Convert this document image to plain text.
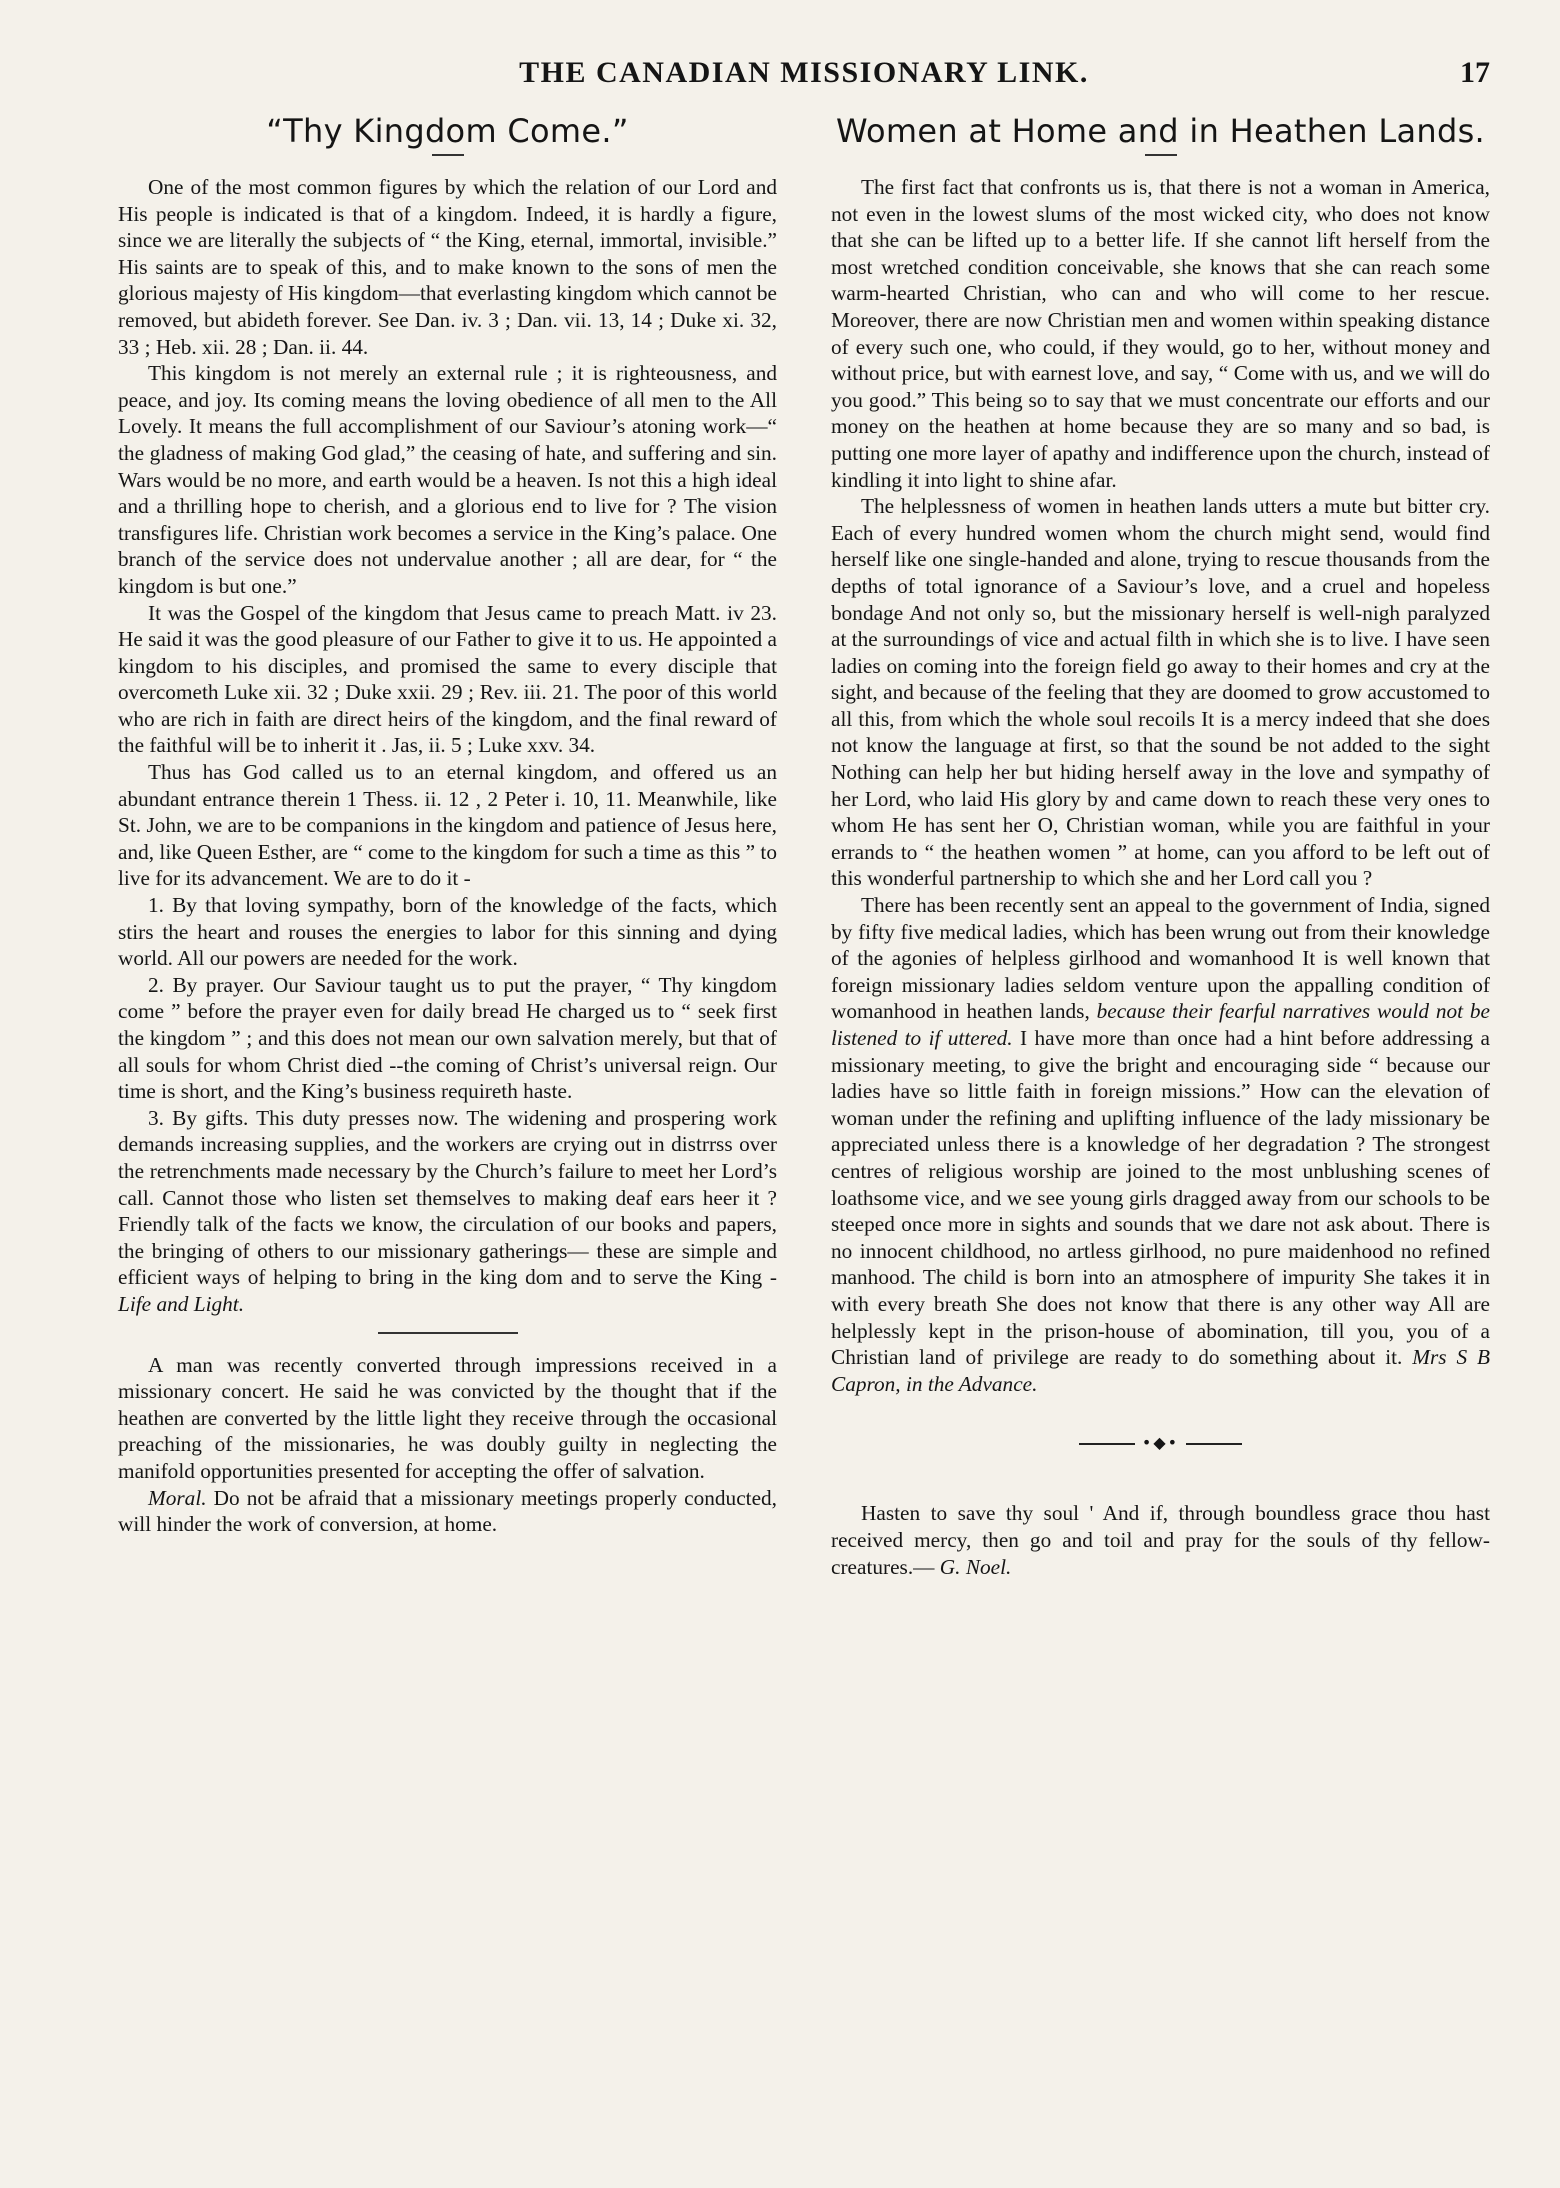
THE CANADIAN MISSIONARY LINK.	17
“Thy Kingdom Come.”

One of the most common figures by which the relation of our Lord and His people is indicated is that of a kingdom. Indeed, it is hardly a figure, since we are literally the subjects of “ the King, eternal, immortal, invisible.” His saints are to speak of this, and to make known to the sons of men the glorious majesty of His kingdom—that everlasting kingdom which cannot be removed, but abideth forever. See Dan. iv. 3 ; Dan. vii. 13, 14 ; Duke xi. 32, 33 ; Heb. xii. 28 ; Dan. ii. 44.

This kingdom is not merely an external rule ; it is righteousness, and peace, and joy. Its coming means the loving obedience of all men to the All Lovely. It means the full accomplishment of our Saviour’s atoning work—“ the gladness of making God glad,” the ceasing of hate, and suffering and sin. Wars would be no more, and earth would be a heaven. Is not this a high ideal and a thrilling hope to cherish, and a glorious end to live for ? The vision transfigures life. Christian work becomes a service in the King’s palace. One branch of the service does not undervalue another ; all are dear, for “ the kingdom is but one.”

It was the Gospel of the kingdom that Jesus came to preach Matt. iv 23. He said it was the good pleasure of our Father to give it to us. He appointed a kingdom to his disciples, and promised the same to every disciple that overcometh Luke xii. 32 ; Duke xxii. 29 ; Rev. iii. 21. The poor of this world who are rich in faith are direct heirs of the kingdom, and the final reward of the faithful will be to inherit it . Jas, ii. 5 ; Luke xxv. 34.

Thus has God called us to an eternal kingdom, and offered us an abundant entrance therein 1 Thess. ii. 12 , 2 Peter i. 10, 11. Meanwhile, like St. John, we are to be companions in the kingdom and patience of Jesus here, and, like Queen Esther, are “ come to the kingdom for such a time as this ” to live for its advancement. We are to do it -

1. By that loving sympathy, born of the knowledge of the facts, which stirs the heart and rouses the energies to labor for this sinning and dying world. All our powers are needed for the work.

2. By prayer. Our Saviour taught us to put the prayer, “ Thy kingdom come ” before the prayer even for daily bread He charged us to “ seek first the kingdom ” ; and this does not mean our own salvation merely, but that of all souls for whom Christ died --the coming of Christ’s universal reign. Our time is short, and the King’s business requireth haste.

3. By gifts. This duty presses now. The widening and prospering work demands increasing supplies, and the workers are crying out in distrrss over the retrenchments made necessary by the Church’s failure to meet her Lord’s call. Cannot those who listen set themselves to making deaf ears heer it ? Friendly talk of the facts we know, the circulation of our books and papers, the bringing of others to our missionary gatherings— these are simple and efficient ways of helping to bring in the king dom and to serve the King - Life and Light.

A man was recently converted through impressions received in a missionary concert. He said he was convicted by the thought that if the heathen are converted by the little light they receive through the occasional preaching of the missionaries, he was doubly guilty in neglecting the manifold opportunities presented for accepting the offer of salvation.

Moral. Do not be afraid that a missionary meetings properly conducted, will hinder the work of conversion, at home.

Women at Home and in Heathen Lands.

The first fact that confronts us is, that there is not a woman in America, not even in the lowest slums of the most wicked city, who does not know that she can be lifted up to a better life. If she cannot lift herself from the most wretched condition conceivable, she knows that she can reach some warm-hearted Christian, who can and who will come to her rescue. Moreover, there are now Christian men and women within speaking distance of every such one, who could, if they would, go to her, without money and without price, but with earnest love, and say, “ Come with us, and we will do you good.” This being so to say that we must concentrate our efforts and our money on the heathen at home because they are so many and so bad, is putting one more layer of apathy and indifference upon the church, instead of kindling it into light to shine afar.

The helplessness of women in heathen lands utters a mute but bitter cry. Each of every hundred women whom the church might send, would find herself like one single-handed and alone, trying to rescue thousands from the depths of total ignorance of a Saviour’s love, and a cruel and hopeless bondage And not only so, but the missionary herself is well-nigh paralyzed at the surroundings of vice and actual filth in which she is to live. I have seen ladies on coming into the foreign field go away to their homes and cry at the sight, and because of the feeling that they are doomed to grow accustomed to all this, from which the whole soul recoils It is a mercy indeed that she does not know the language at first, so that the sound be not added to the sight Nothing can help her but hiding herself away in the love and sympathy of her Lord, who laid His glory by and came down to reach these very ones to whom He has sent her O, Christian woman, while you are faithful in your errands to “ the heathen women ” at home, can you afford to be left out of this wonderful partnership to which she and her Lord call you ?

There has been recently sent an appeal to the government of India, signed by fifty five medical ladies, which has been wrung out from their knowledge of the agonies of helpless girlhood and womanhood It is well known that foreign missionary ladies seldom venture upon the appalling condition of womanhood in heathen lands, because their fearful narratives would not be listened to if uttered. I have more than once had a hint before addressing a missionary meeting, to give the bright and encouraging side “ because our ladies have so little faith in foreign missions.” How can the elevation of woman under the refining and uplifting influence of the lady missionary be appreciated unless there is a knowledge of her degradation ? The strongest centres of religious worship are joined to the most unblushing scenes of loathsome vice, and we see young girls dragged away from our schools to be steeped once more in sights and sounds that we dare not ask about. There is no innocent childhood, no artless girlhood, no pure maidenhood no refined manhood. The child is born into an atmosphere of impurity She takes it in with every breath She does not know that there is any other way All are helplessly kept in the prison-house of abomination, till you, you of a Christian land of privilege are ready to do something about it. Mrs S B Capron, in the Advance.

•◆•

Hasten to save thy soul ' And if, through boundless grace thou hast received mercy, then go and toil and pray for the souls of thy fellow-creatures.— G. Noel.
